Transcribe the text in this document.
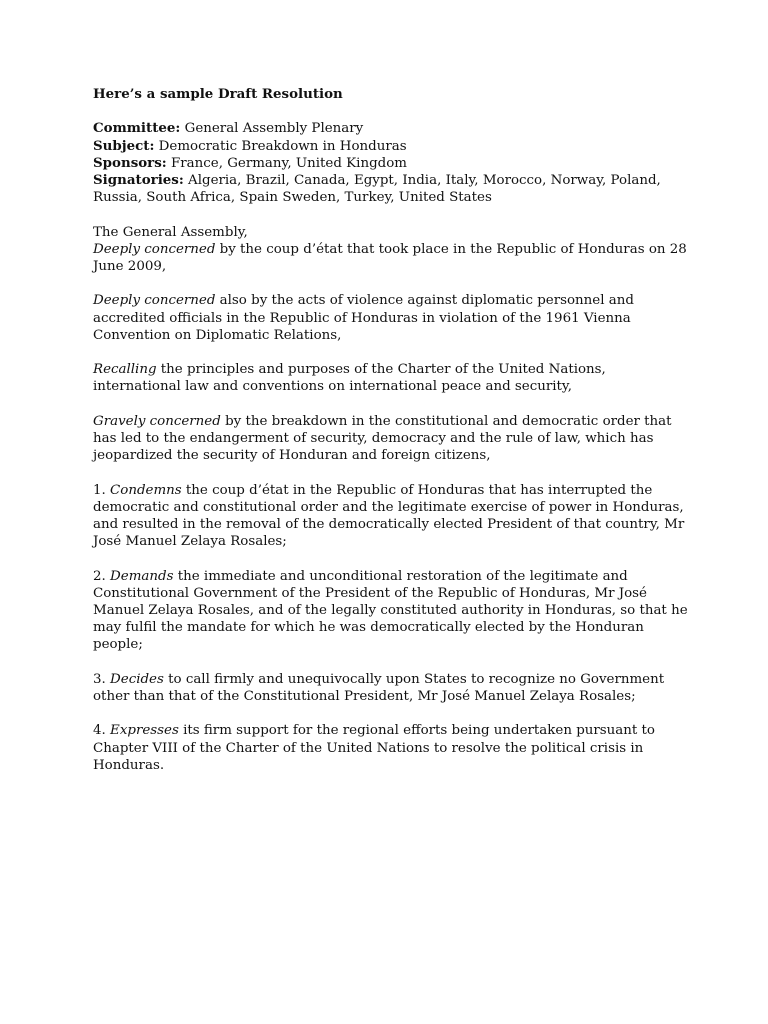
Here’s a sample Draft Resolution

Committee: General Assembly Plenary

Subject: Democratic Breakdown in Honduras

Sponsors: France, Germany, United Kingdom

Signatories: Algeria, Brazil, Canada, Egypt, India, Italy, Morocco, Norway, Poland, Russia, South Africa, Spain Sweden, Turkey, United States

The General Assembly,

Deeply concerned by the coup d’état that took place in the Republic of Honduras on 28 June 2009,

Deeply concerned also by the acts of violence against diplomatic personnel and accredited officials in the Republic of Honduras in violation of the 1961 Vienna Convention on Diplomatic Relations,

Recalling the principles and purposes of the Charter of the United Nations, international law and conventions on international peace and security,

Gravely concerned by the breakdown in the constitutional and democratic order that has led to the endangerment of security, democracy and the rule of law, which has jeopardized the security of Honduran and foreign citizens,

1. Condemns the coup d’état in the Republic of Honduras that has interrupted the democratic and constitutional order and the legitimate exercise of power in Honduras, and resulted in the removal of the democratically elected President of that country, Mr José Manuel Zelaya Rosales;

2. Demands the immediate and unconditional restoration of the legitimate and Constitutional Government of the President of the Republic of Honduras, Mr José Manuel Zelaya Rosales, and of the legally constituted authority in Honduras, so that he may fulfil the mandate for which he was democratically elected by the Honduran people;

3. Decides to call firmly and unequivocally upon States to recognize no Government other than that of the Constitutional President, Mr José Manuel Zelaya Rosales;

4. Expresses its firm support for the regional efforts being undertaken pursuant to Chapter VIII of the Charter of the United Nations to resolve the political crisis in Honduras.
